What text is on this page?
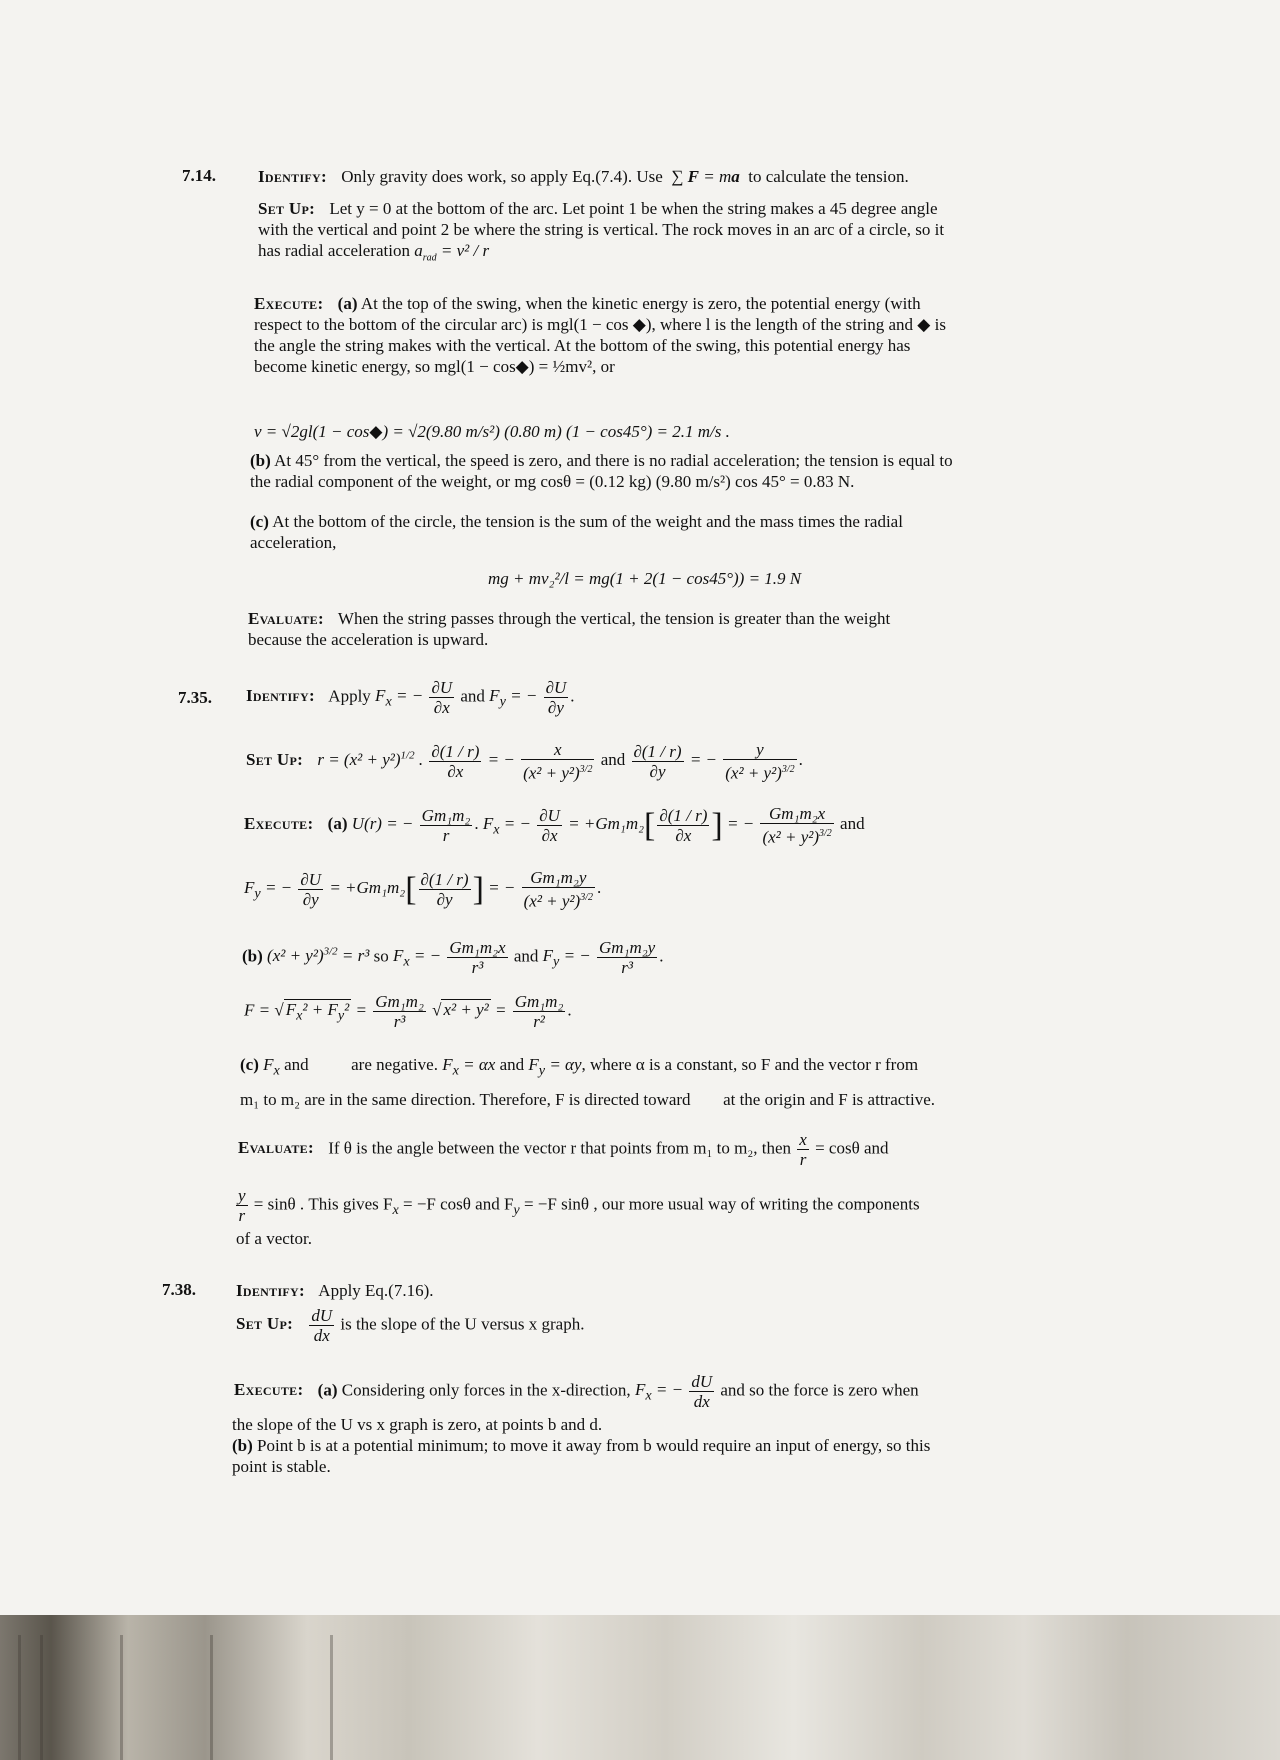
7.14. Identify: Only gravity does work, so apply Eq.(7.4). Use  ∑ F = ma to calculate the tension.
Set Up: Let y = 0 at the bottom of the arc. Let point 1 be when the string makes a 45 degree angle
with the vertical and point 2 be where the string is vertical. The rock moves in an arc of a circle, so it
has radial acceleration $a_{rad} = v^2 / r$
Execute: (a) At the top of the swing, when the kinetic energy is zero, the potential energy (with
respect to the bottom of the circular arc) is mgl(1 − cos ◆), where l is the length of the string and ◆ is
the angle the string makes with the vertical. At the bottom of the swing, this potential energy has
become kinetic energy, so mgl(1 − cos◆) = ½mv², or
v = √2gl(1 − cos◆) = √2(9.80 m/s²) (0.80 m) (1 − cos45°) = 2.1 m/s .
(b) At 45° from the vertical, the speed is zero, and there is no radial acceleration; the tension is equal to
the radial component of the weight, or mg cosθ = (0.12 kg) (9.80 m/s²) cos 45° = 0.83 N.
(c) At the bottom of the circle, the tension is the sum of the weight and the mass times the radial
acceleration,
mg + mv₂²/l = mg(1 + 2(1 − cos45°)) = 1.9 N
Evaluate: When the string passes through the vertical, the tension is greater than the weight
because the acceleration is upward.
7.35. Identify: Apply $F_x$ = − $\frac{\partial U}{\partial x}$ and $F_y$ = − $\frac{\partial U}{\partial y}$ .
Set Up: $r = (x^2 + y^2)^{1/2}$ . $\frac{\partial(1 / r)}{\partial x}$ = − $\frac{x}{(x^2 + y^2)^{3/2}}$ and $\frac{\partial(1 / r)}{\partial y}$ = − $\frac{y}{(x^2 + y^2)^{3/2}}$ .
Execute: (a) U(r) = − $\frac{\text{Gm₁m₂}}{r}$ . $F_x$ = − $\frac{\partial U}{\partial x} = +Gm_1m_2[ \frac{\partial(1 / r)}{\partial x}$ ] = − $\frac{\text{Gm₁m₂x}}{(x^2 + y^2)^{3/2}}$ and
$F_y$ = − $\frac{\partial U}{\partial y} = +Gm_1m_2[ \frac{\partial(1 / r)}{\partial y}$ ] = − $\frac{\text{Gm₁m₂y}}{(x^2 + y^2)^{3/2}}$ .
(b) $(x^2 + y^2)^{3/2} = r^3$ so $F_x$ = − $\frac{\text{Gm₁m₂x}}{\text{r³}}$ and $F_y$ = − $\frac{\text{Gm₁m₂y}}{\text{r³}}$ .
F = √ $F_x^2 + F_y^2 = \frac{\text{Gm₁m₂}}{\text{r³}}$ √ $x^2 + y^2 = \frac{\text{Gm₁m₂}}{\text{r²}}$ .
(c) $F_x$ and	are negative. $F_x = \alpha x$ and $F_y = \alpha y$, where α is a constant, so F and the vector r from
m₁ to m₂ are in the same direction. Therefore, F is directed toward at the origin and F is attractive.
Evaluate: If θ is the angle between the vector r that points from m₁ to m₂, then $\frac{x}{r} = \cos\theta$ and
$\frac{y}{r} = \sin\theta$ . This gives $F_x = -F$ cosθ and $F_y = -F$ sinθ , our more usual way of writing the components
of a vector.
7.38. Identify: Apply Eq.(7.16).
Set Up: $\frac{dU}{dx}$ is the slope of the U versus x graph.
Execute: (a) Considering only forces in the x-direction, $F_x$ = − $\frac{dU}{dx}$ and so the force is zero when
the slope of the U vs x graph is zero, at points b and d.
(b) Point b is at a potential minimum; to move it away from b would require an input of energy, so this
point is stable.
